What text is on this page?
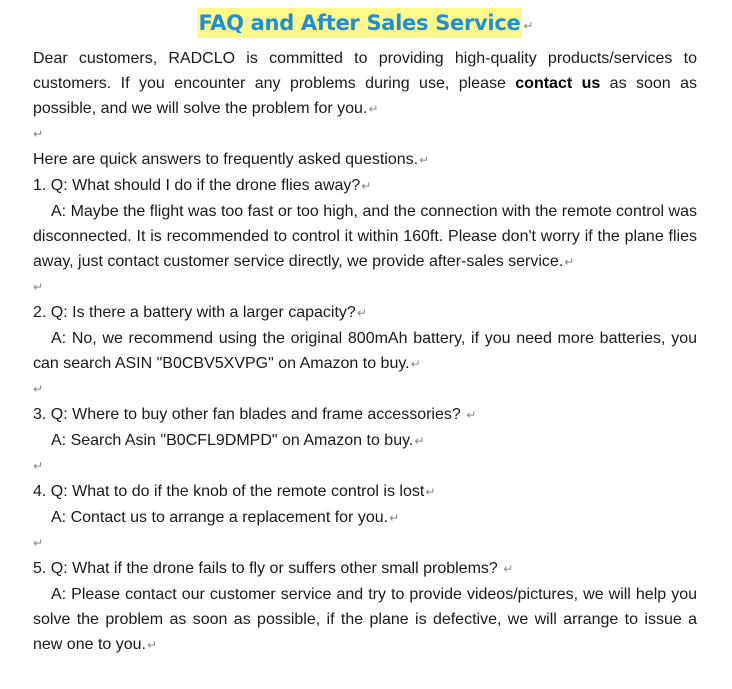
FAQ and After Sales Service ↵

Dear customers, RADCLO is committed to providing high-quality products/services to customers. If you encounter any problems during use, please contact us as soon as possible, and we will solve the problem for you.↵

↵

Here are quick answers to frequently asked questions.↵

1. Q: What should I do if the drone flies away?↵

A: Maybe the flight was too fast or too high, and the connection with the remote control was disconnected. It is recommended to control it within 160ft. Please don't worry if the plane flies away, just contact customer service directly, we provide after-sales service.↵

↵

2. Q: Is there a battery with a larger capacity?↵

A: No, we recommend using the original 800mAh battery, if you need more batteries, you can search ASIN "B0CBV5XVPG" on Amazon to buy.↵

↵

3. Q: Where to buy other fan blades and frame accessories? ↵

A: Search Asin "B0CFL9DMPD" on Amazon to buy.↵

↵

4. Q: What to do if the knob of the remote control is lost↵

A: Contact us to arrange a replacement for you.↵

↵

5. Q: What if the drone fails to fly or suffers other small problems? ↵

A: Please contact our customer service and try to provide videos/pictures, we will help you solve the problem as soon as possible, if the plane is defective, we will arrange to issue a new one to you.↵
